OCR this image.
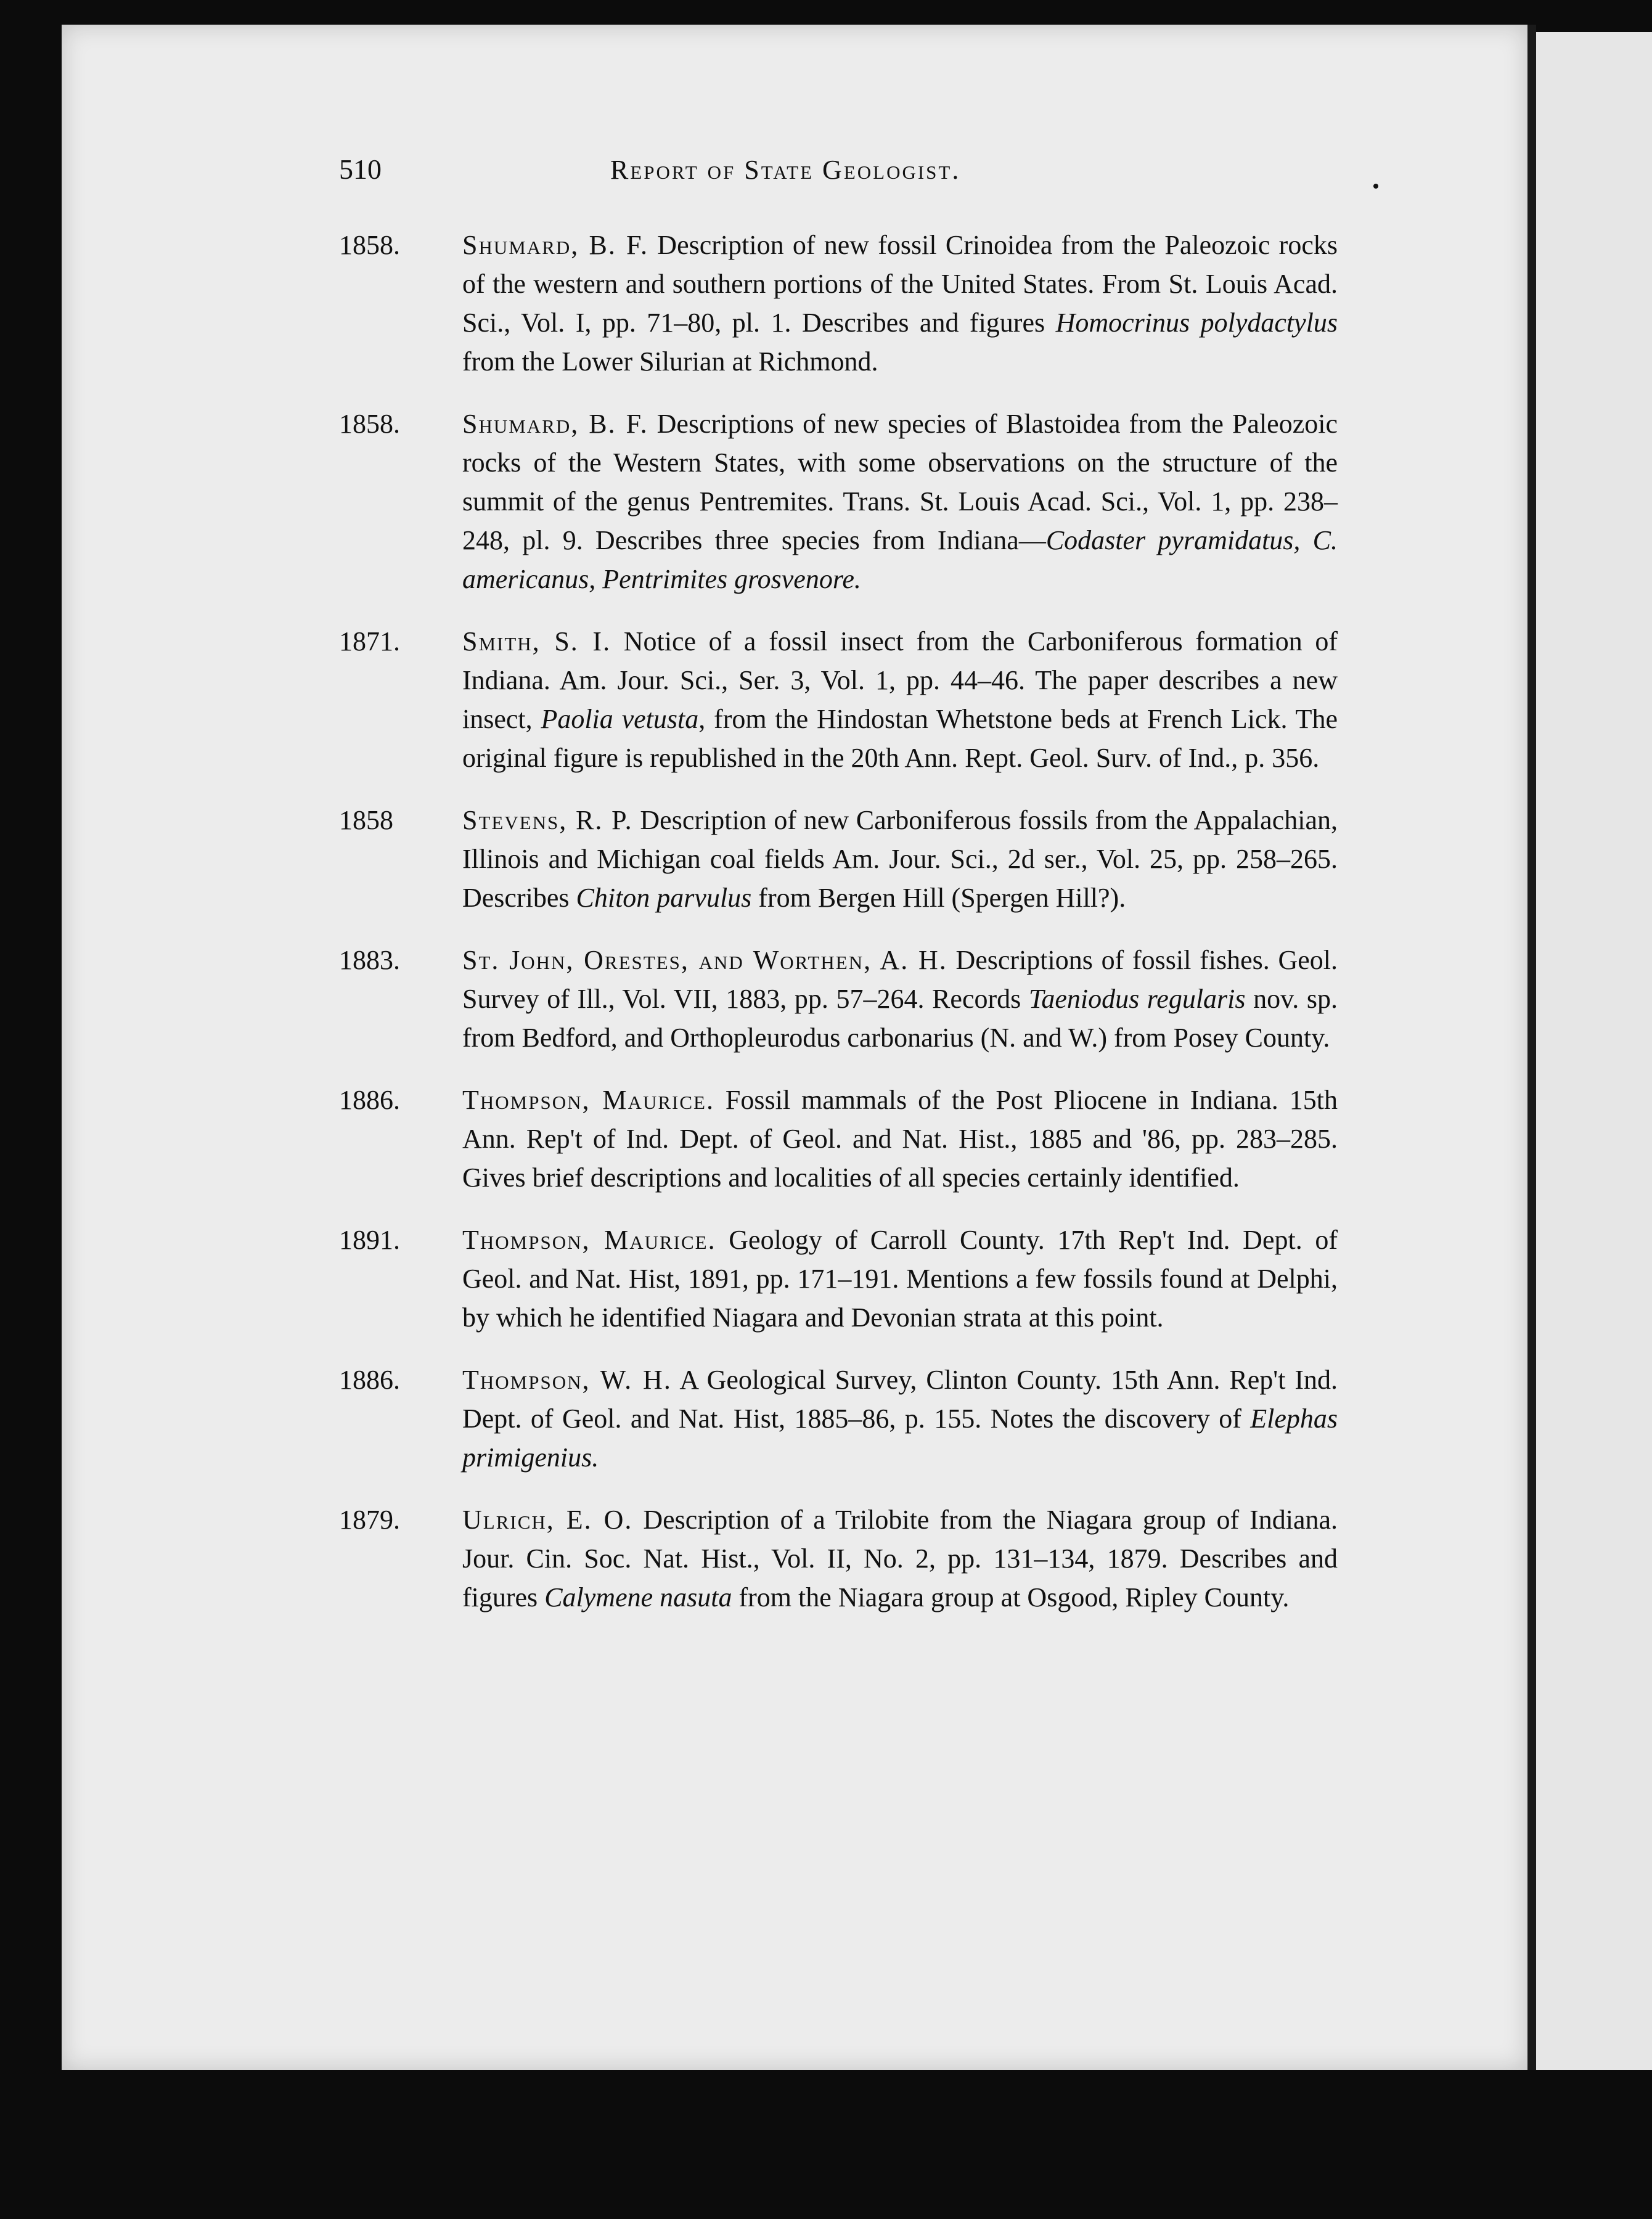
510	Report of State Geologist.
1858. Shumard, B. F. Description of new fossil Crinoidea from the Paleozoic rocks of the western and southern portions of the United States. From St. Louis Acad. Sci., Vol. I, pp. 71–80, pl. 1. Describes and figures Homocrinus polydactylus from the Lower Silurian at Richmond.
1858. Shumard, B. F. Descriptions of new species of Blastoidea from the Paleozoic rocks of the Western States, with some observations on the structure of the summit of the genus Pentremites. Trans. St. Louis Acad. Sci., Vol. 1, pp. 238–248, pl. 9. Describes three species from Indiana—Codaster pyramidatus, C. americanus, Pentrimites grosvenore.
1871. Smith, S. I. Notice of a fossil insect from the Carboniferous formation of Indiana. Am. Jour. Sci., Ser. 3, Vol. 1, pp. 44–46. The paper describes a new insect, Paolia vetusta, from the Hindostan Whetstone beds at French Lick. The original figure is republished in the 20th Ann. Rept. Geol. Surv. of Ind., p. 356.
1858	Stevens, R. P. Description of new Carboniferous fossils from the Appalachian, Illinois and Michigan coal fields Am. Jour. Sci., 2d ser., Vol. 25, pp. 258–265. Describes Chiton parvulus from Bergen Hill (Spergen Hill?).
1883. St. John, Orestes, and Worthen, A. H. Descriptions of fossil fishes. Geol. Survey of Ill., Vol. VII, 1883, pp. 57–264. Records Taeniodus regularis nov. sp. from Bedford, and Orthopleurodus carbonarius (N. and W.) from Posey County.
1886. Thompson, Maurice. Fossil mammals of the Post Pliocene in Indiana. 15th Ann. Rep't of Ind. Dept. of Geol. and Nat. Hist., 1885 and '86, pp. 283–285. Gives brief descriptions and localities of all species certainly identified.
1891. Thompson, Maurice. Geology of Carroll County. 17th Rep't Ind. Dept. of Geol. and Nat. Hist, 1891, pp. 171–191. Mentions a few fossils found at Delphi, by which he identified Niagara and Devonian strata at this point.
1886. Thompson, W. H. A Geological Survey, Clinton County. 15th Ann. Rep't Ind. Dept. of Geol. and Nat. Hist, 1885–86, p. 155. Notes the discovery of Elephas primigenius.
1879. Ulrich, E. O. Description of a Trilobite from the Niagara group of Indiana. Jour. Cin. Soc. Nat. Hist., Vol. II, No. 2, pp. 131–134, 1879. Describes and figures Calymene nasuta from the Niagara group at Osgood, Ripley County.
